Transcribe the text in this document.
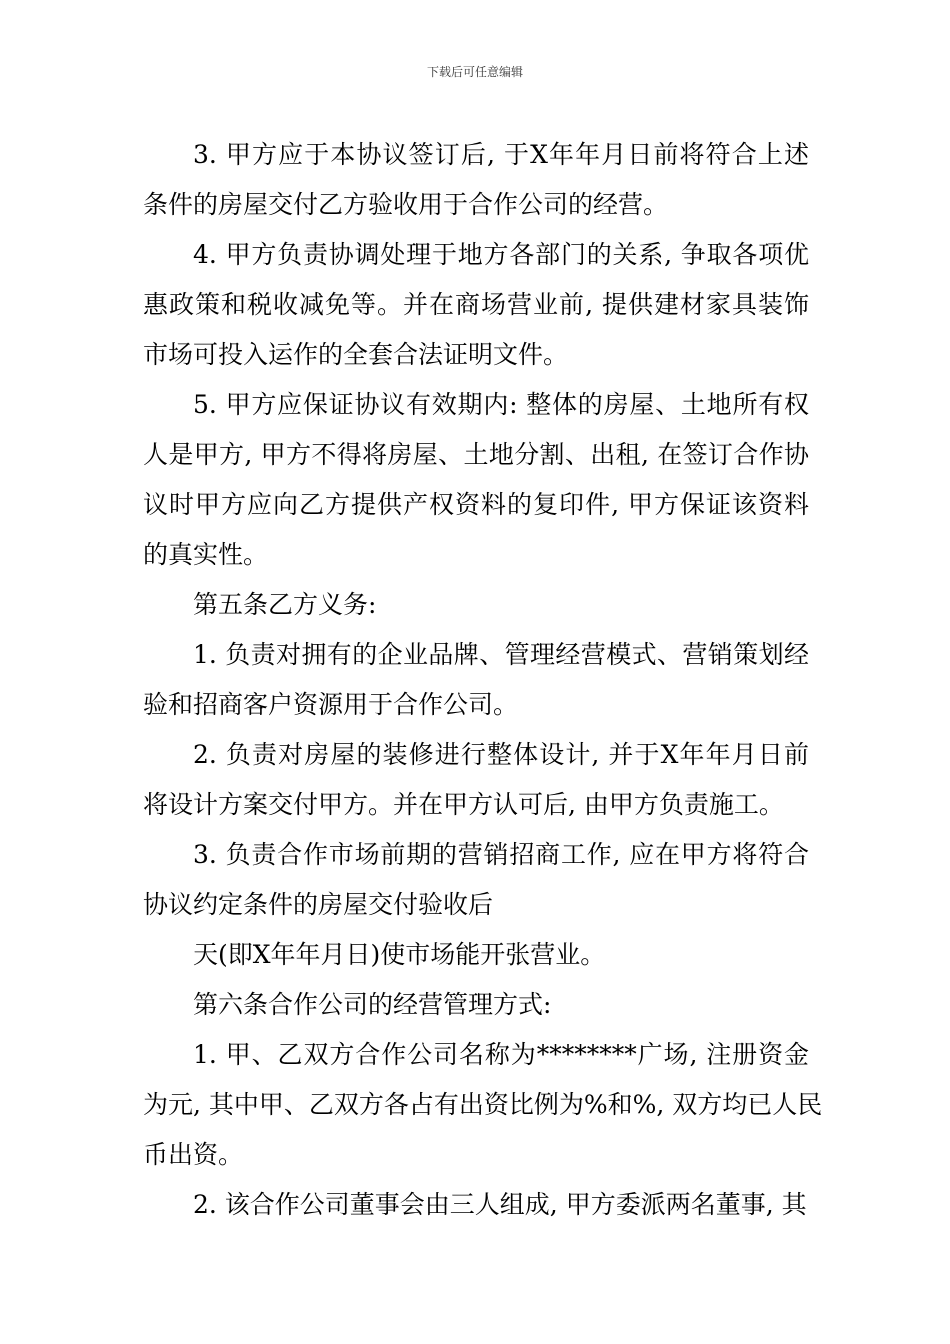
下载后可任意编辑
3. 甲方应于本协议签订后, 于X年年月日前将符合上述
条件的房屋交付乙方验收用于合作公司的经营。
4. 甲方负责协调处理于地方各部门的关系, 争取各项优
惠政策和税收减免等。并在商场营业前, 提供建材家具装饰
市场可投入运作的全套合法证明文件。
5. 甲方应保证协议有效期内: 整体的房屋、土地所有权
人是甲方, 甲方不得将房屋、土地分割、出租, 在签订合作协
议时甲方应向乙方提供产权资料的复印件, 甲方保证该资料
的真实性。
第五条乙方义务:
1. 负责对拥有的企业品牌、管理经营模式、营销策划经
验和招商客户资源用于合作公司。
2. 负责对房屋的装修进行整体设计, 并于X年年月日前
将设计方案交付甲方。并在甲方认可后, 由甲方负责施工。
3. 负责合作市场前期的营销招商工作, 应在甲方将符合
协议约定条件的房屋交付验收后
天(即X年年月日)使市场能开张营业。
第六条合作公司的经营管理方式:
1. 甲、乙双方合作公司名称为********广场, 注册资金
为元, 其中甲、乙双方各占有出资比例为%和%, 双方均已人民
币出资。
2. 该合作公司董事会由三人组成, 甲方委派两名董事, 其
